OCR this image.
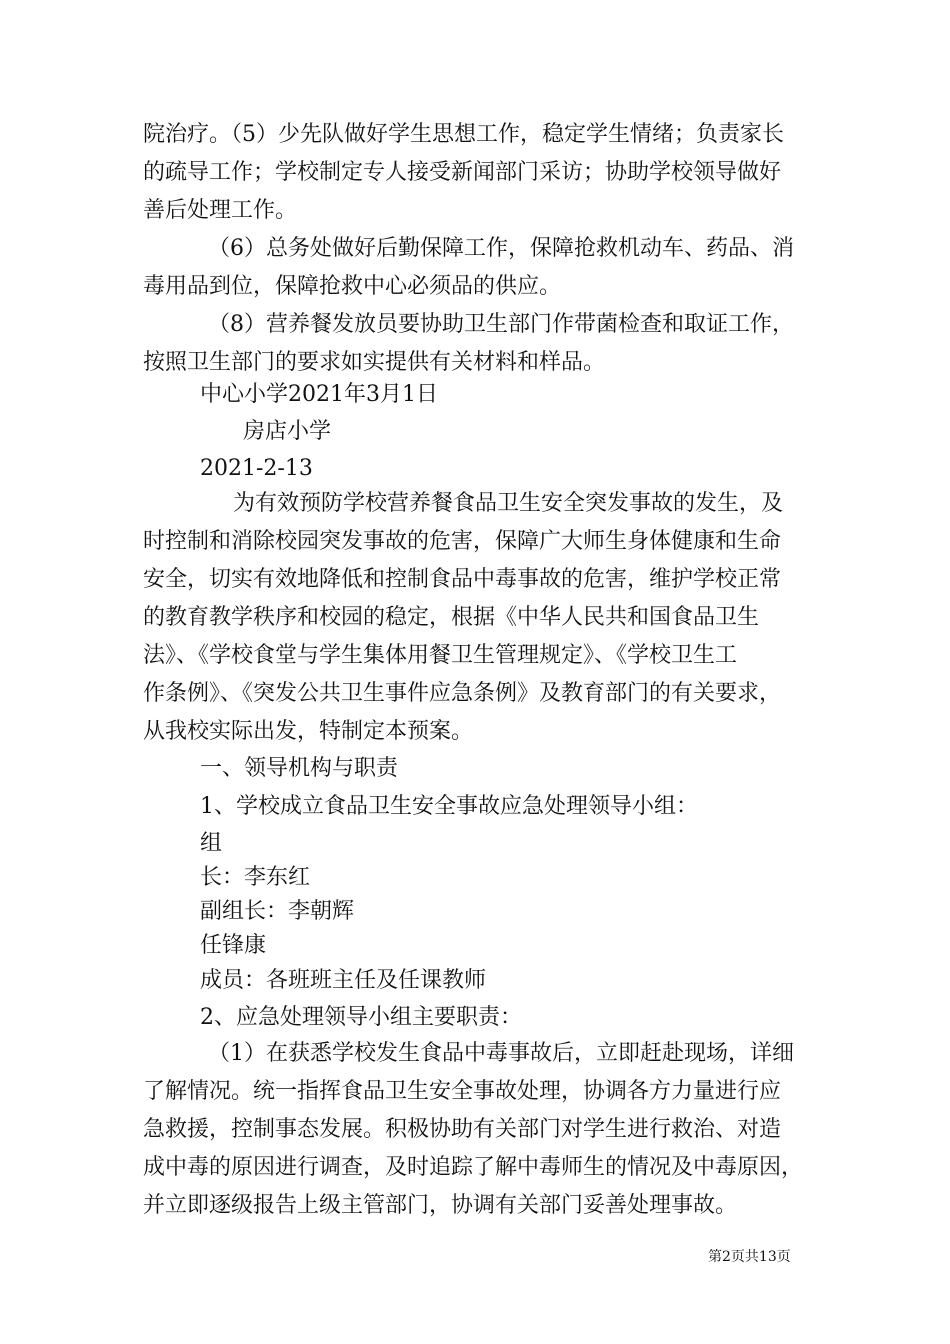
院治疗。（5）少先队做好学生思想工作，稳定学生情绪；负责家长
的疏导工作；学校制定专人接受新闻部门采访；协助学校领导做好
善后处理工作。
（6）总务处做好后勤保障工作，保障抢救机动车、药品、消
毒用品到位，保障抢救中心必须品的供应。
（8）营养餐发放员要协助卫生部门作带菌检查和取证工作，
按照卫生部门的要求如实提供有关材料和样品。
中心小学2021年3月1日
房店小学
2021-2-13
为有效预防学校营养餐食品卫生安全突发事故的发生，及
时控制和消除校园突发事故的危害，保障广大师生身体健康和生命
安全，切实有效地降低和控制食品中毒事故的危害，维护学校正常
的教育教学秩序和校园的稳定，根据《中华人民共和国食品卫生
法》、《学校食堂与学生集体用餐卫生管理规定》、《学校卫生工
作条例》、《突发公共卫生事件应急条例》及教育部门的有关要求，
从我校实际出发，特制定本预案。
一、领导机构与职责
1、学校成立食品卫生安全事故应急处理领导小组：
组
长：李东红
副组长：李朝辉
任锋康
成员：各班班主任及任课教师
2、应急处理领导小组主要职责：
（1）在获悉学校发生食品中毒事故后，立即赶赴现场，详细
了解情况。统一指挥食品卫生安全事故处理，协调各方力量进行应
急救援，控制事态发展。积极协助有关部门对学生进行救治、对造
成中毒的原因进行调查，及时追踪了解中毒师生的情况及中毒原因，
并立即逐级报告上级主管部门，协调有关部门妥善处理事故。
第2页共13页
